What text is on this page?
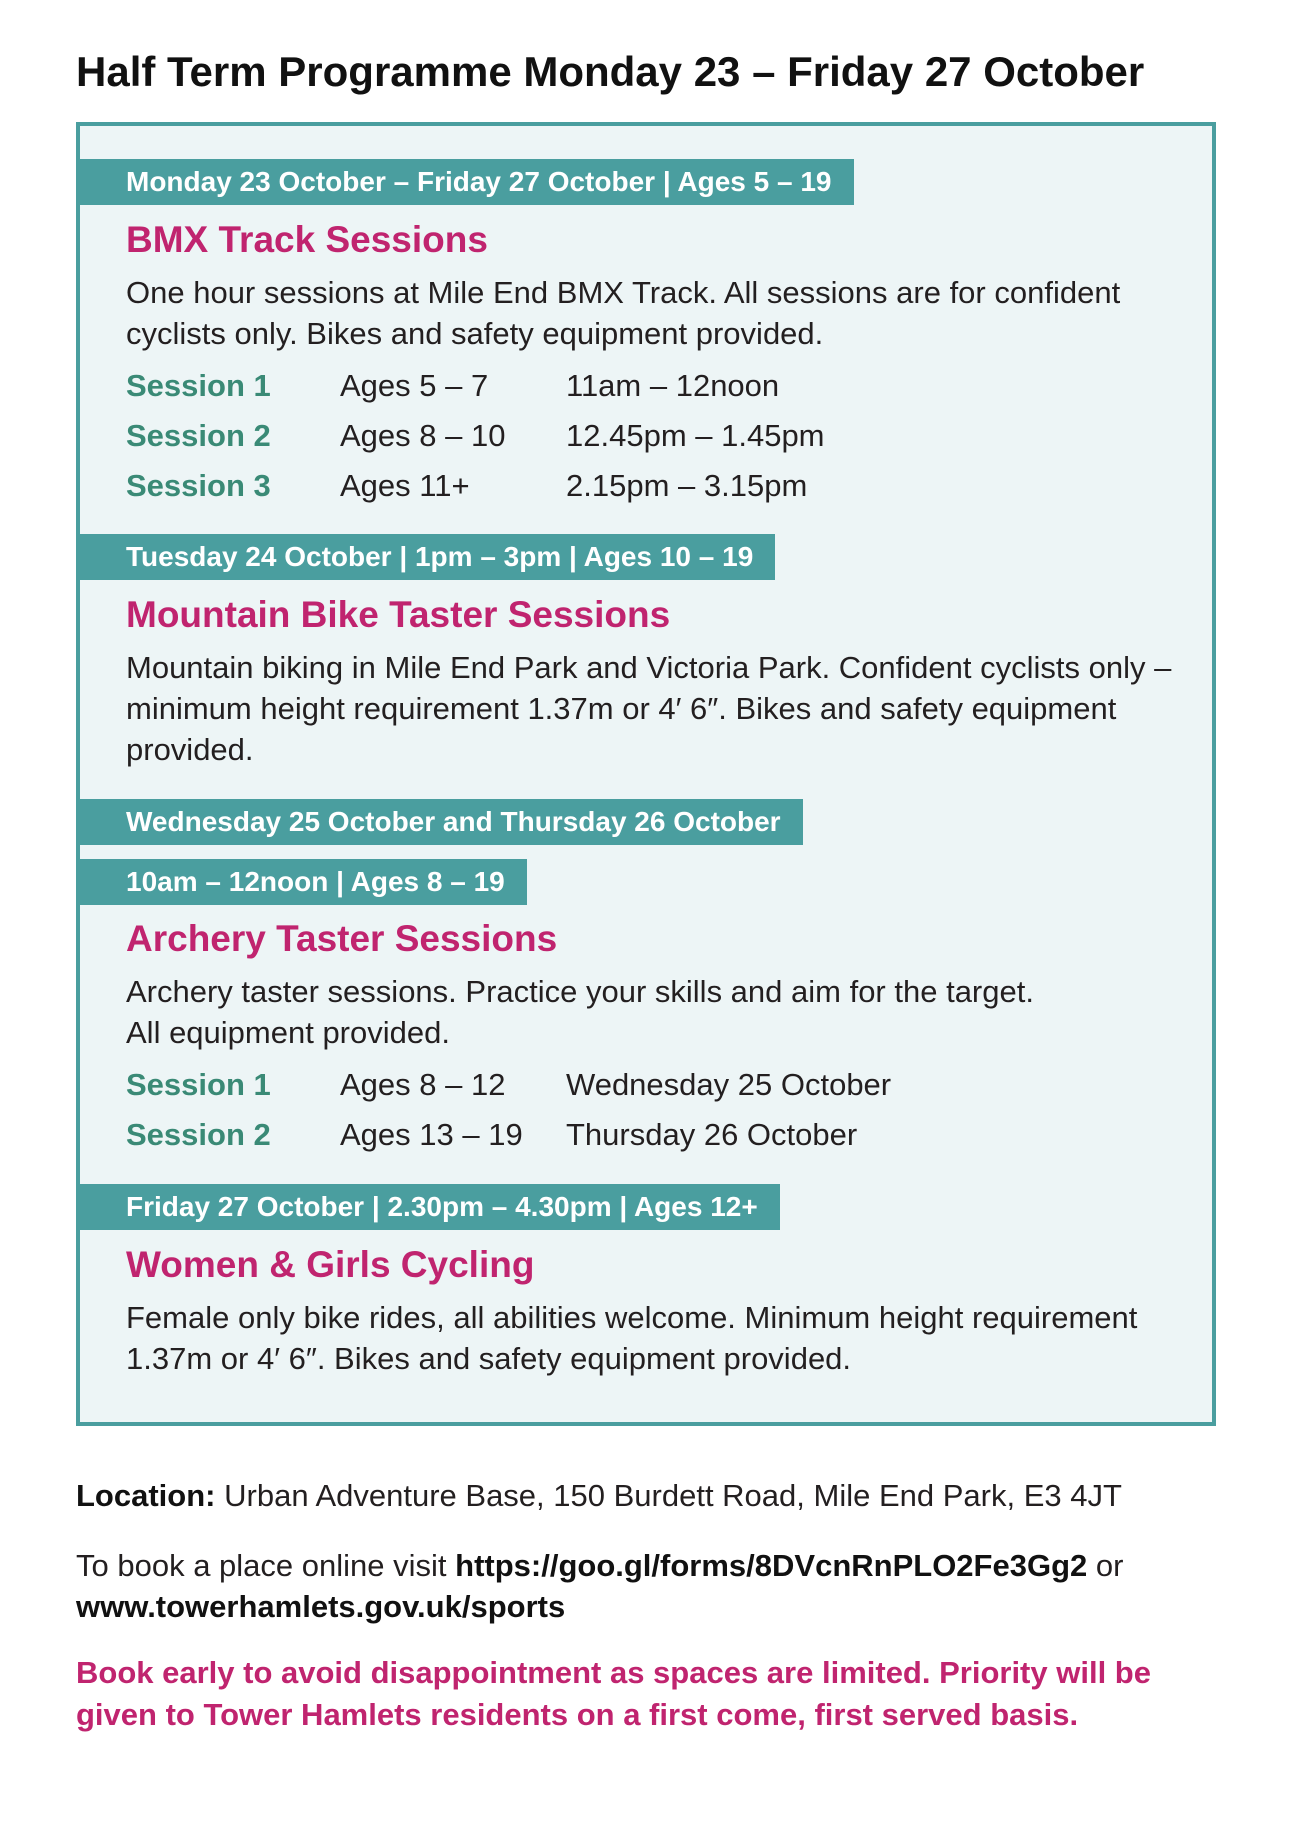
Half Term Programme Monday 23 – Friday 27 October
Monday 23 October – Friday 27 October | Ages 5 – 19
BMX Track Sessions
One hour sessions at Mile End BMX Track. All sessions are for confident cyclists only. Bikes and safety equipment provided.
Session 1 Ages 5 – 7	11am – 12noon
Session 2 Ages 8 – 10 12.45pm – 1.45pm
Session 3 Ages 11+	2.15pm – 3.15pm
Tuesday 24 October | 1pm – 3pm | Ages 10 – 19
Mountain Bike Taster Sessions
Mountain biking in Mile End Park and Victoria Park. Confident cyclists only – minimum height requirement 1.37m or 4′ 6″. Bikes and safety equipment provided.
Wednesday 25 October and Thursday 26 October
10am – 12noon | Ages 8 – 19
Archery Taster Sessions
Archery taster sessions. Practice your skills and aim for the target.
All equipment provided.
Session 1 Ages 8 – 12 Wednesday 25 October
Session 2 Ages 13 – 19 Thursday 26 October
Friday 27 October | 2.30pm – 4.30pm | Ages 12+
Women & Girls Cycling
Female only bike rides, all abilities welcome. Minimum height requirement 1.37m or 4′ 6″. Bikes and safety equipment provided.
Location: Urban Adventure Base, 150 Burdett Road, Mile End Park, E3 4JT
To book a place online visit https://goo.gl/forms/8DVcnRnPLO2Fe3Gg2 or
www.towerhamlets.gov.uk/sports
Book early to avoid disappointment as spaces are limited. Priority will be given to Tower Hamlets residents on a first come, first served basis.
